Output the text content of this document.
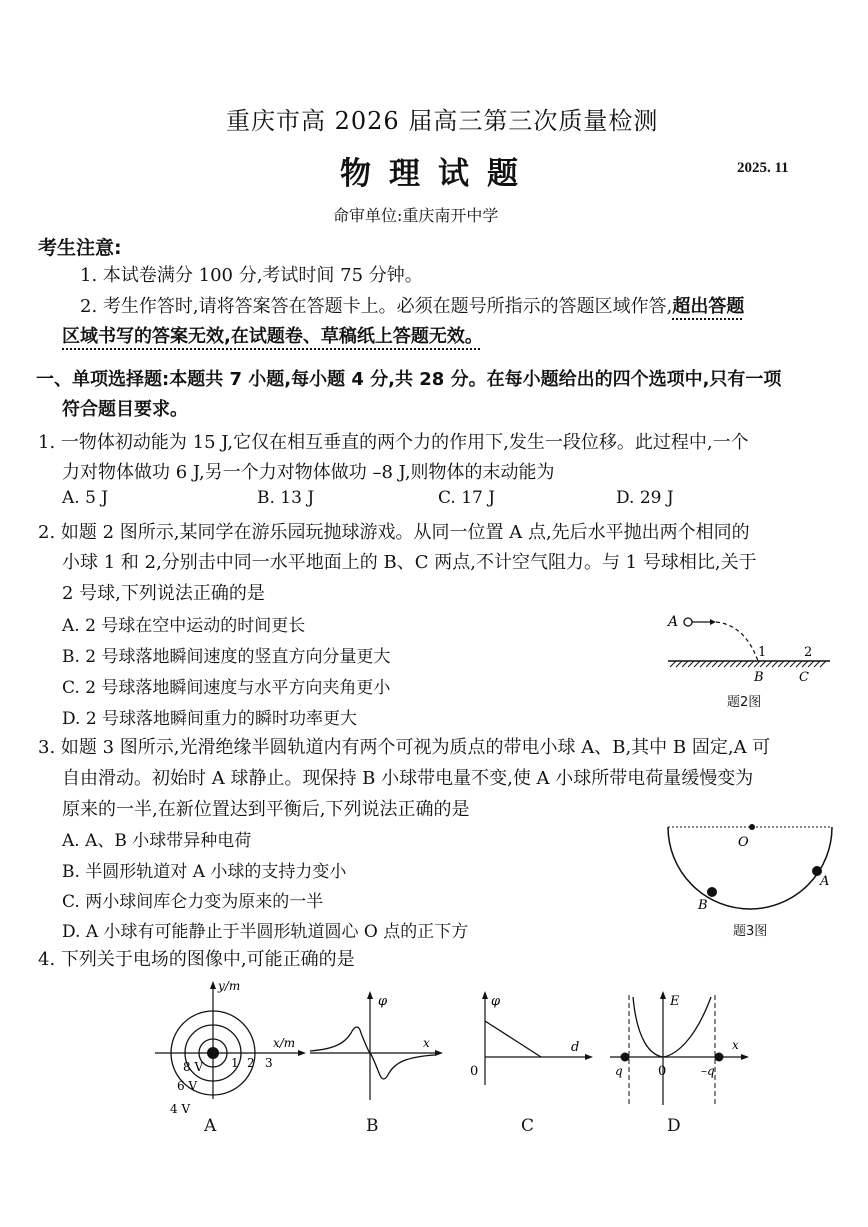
重庆市高 2026 届高三第三次质量检测
物理试题	2025. 11
命审单位:重庆南开中学
考生注意:
1. 本试卷满分 100 分,考试时间 75 分钟。
2. 考生作答时,请将答案答在答题卡上。必须在题号所指示的答题区域作答,超出答题
区域书写的答案无效,在试题卷、草稿纸上答题无效。
一、单项选择题:本题共 7 小题,每小题 4 分,共 28 分。在每小题给出的四个选项中,只有一项
符合题目要求。
1. 一物体初动能为 15 J,它仅在相互垂直的两个力的作用下,发生一段位移。此过程中,一个
力对物体做功 6 J,另一个力对物体做功 –8 J,则物体的末动能为
A. 5 J	B. 13 J	C. 17 J	D. 29 J
2. 如题 2 图所示,某同学在游乐园玩抛球游戏。从同一位置 A 点,先后水平抛出两个相同的
小球 1 和 2,分别击中同一水平地面上的 B、C 两点,不计空气阻力。与 1 号球相比,关于
2 号球,下列说法正确的是
A. 2 号球在空中运动的时间更长
B. 2 号球落地瞬间速度的竖直方向分量更大
C. 2 号球落地瞬间速度与水平方向夹角更小
D. 2 号球落地瞬间重力的瞬时功率更大
A
1	2
B	C
题2图
3. 如题 3 图所示,光滑绝缘半圆轨道内有两个可视为质点的带电小球 A、B,其中 B 固定,A 可
自由滑动。初始时 A 球静止。现保持 B 小球带电量不变,使 A 小球所带电荷量缓慢变为
原来的一半,在新位置达到平衡后,下列说法正确的是
A. A、B 小球带异种电荷
B. 半圆形轨道对 A 小球的支持力变小
C. 两小球间库仑力变为原来的一半
D. A 小球有可能静止于半圆形轨道圆心 O 点的正下方
O
A
B
题3图
4. 下列关于电场的图像中,可能正确的是
y/m
x/m
1 2 3
8 V
6 V
4 V
A
φ
x
B
φ
d
0
C
E
x
0
q	–q
D
